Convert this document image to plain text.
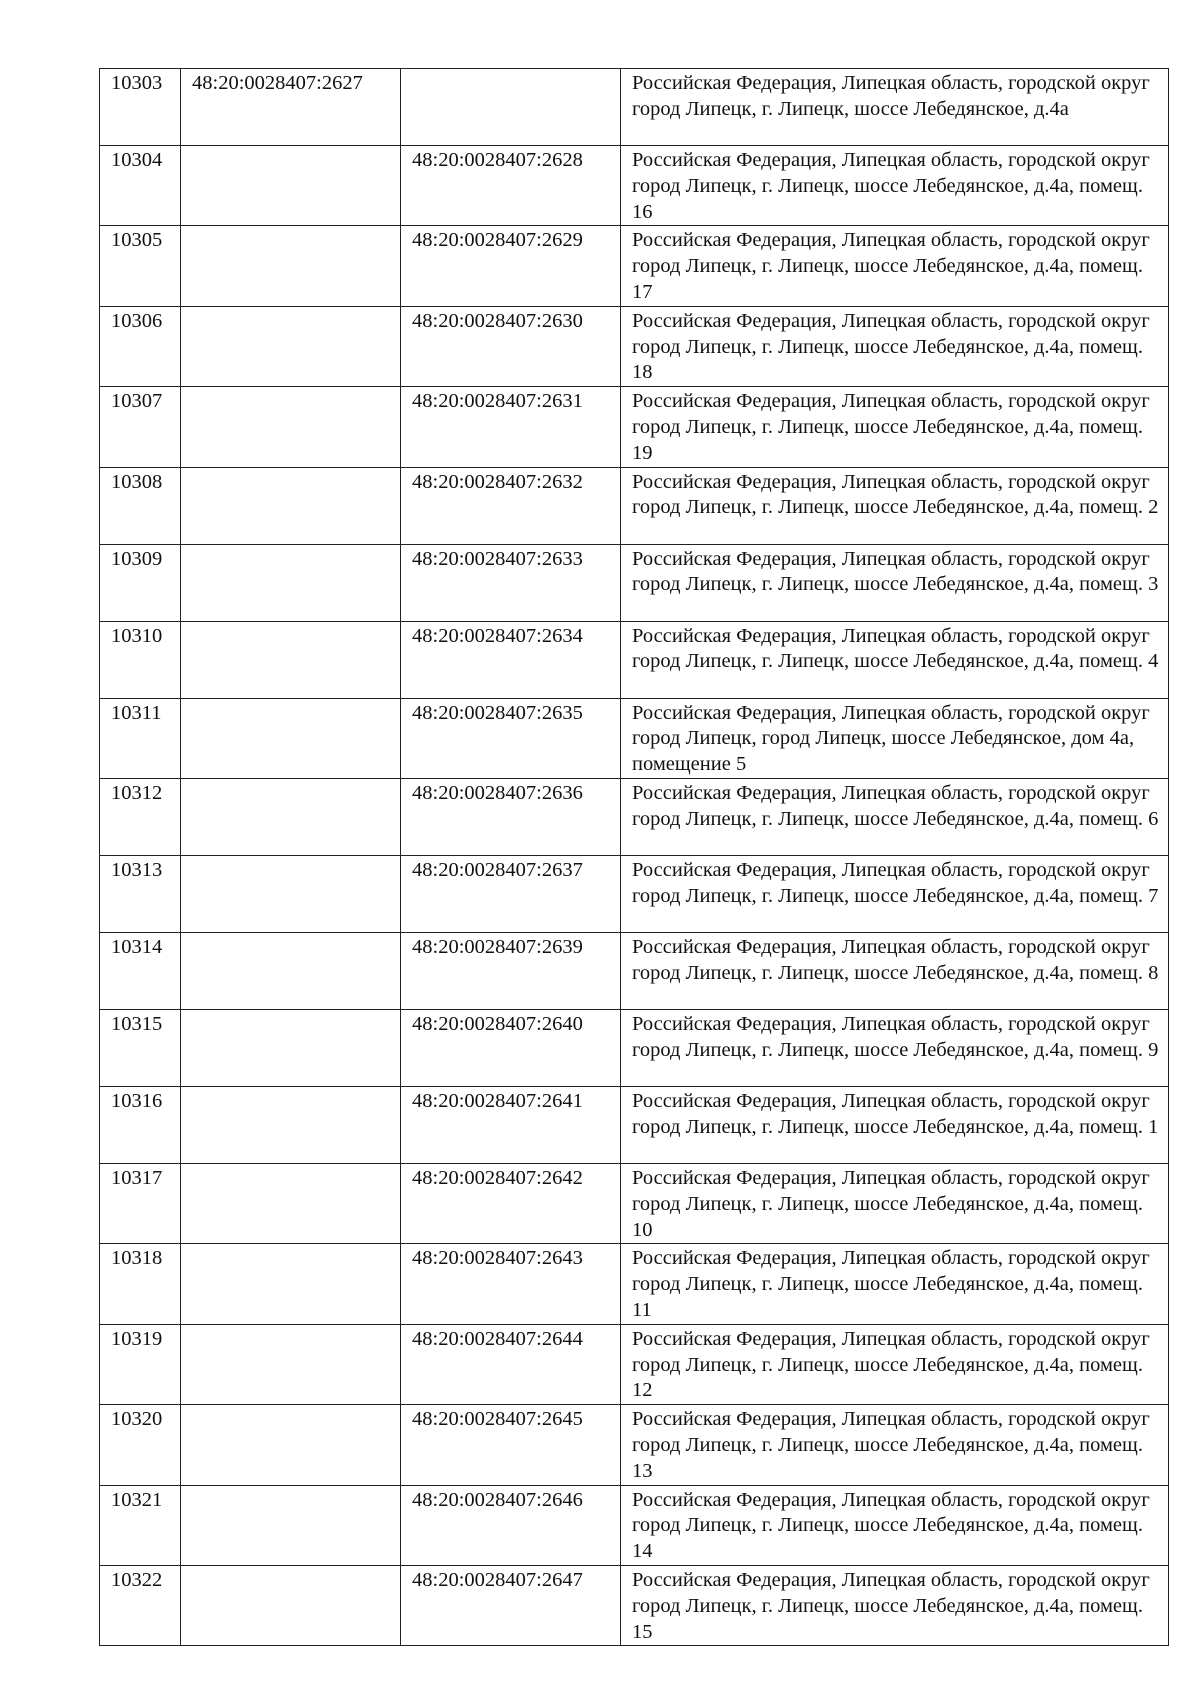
10303	48:20:0028407:2627		Российская Федерация, Липецкая область, городской округ город Липецк, г. Липецк, шоссе Лебедянское, д.4а
10304		48:20:0028407:2628	Российская Федерация, Липецкая область, городской округ город Липецк, г. Липецк, шоссе Лебедянское, д.4а, помещ. 16
10305		48:20:0028407:2629	Российская Федерация, Липецкая область, городской округ город Липецк, г. Липецк, шоссе Лебедянское, д.4а, помещ. 17
10306		48:20:0028407:2630	Российская Федерация, Липецкая область, городской округ город Липецк, г. Липецк, шоссе Лебедянское, д.4а, помещ. 18
10307		48:20:0028407:2631	Российская Федерация, Липецкая область, городской округ город Липецк, г. Липецк, шоссе Лебедянское, д.4а, помещ. 19
10308		48:20:0028407:2632	Российская Федерация, Липецкая область, городской округ город Липецк, г. Липецк, шоссе Лебедянское, д.4а, помещ. 2
10309		48:20:0028407:2633	Российская Федерация, Липецкая область, городской округ город Липецк, г. Липецк, шоссе Лебедянское, д.4а, помещ. 3
10310		48:20:0028407:2634	Российская Федерация, Липецкая область, городской округ город Липецк, г. Липецк, шоссе Лебедянское, д.4а, помещ. 4
10311		48:20:0028407:2635	Российская Федерация, Липецкая область, городской округ город Липецк, город Липецк, шоссе Лебедянское, дом 4а, помещение 5
10312		48:20:0028407:2636	Российская Федерация, Липецкая область, городской округ город Липецк, г. Липецк, шоссе Лебедянское, д.4а, помещ. 6
10313		48:20:0028407:2637	Российская Федерация, Липецкая область, городской округ город Липецк, г. Липецк, шоссе Лебедянское, д.4а, помещ. 7
10314		48:20:0028407:2639	Российская Федерация, Липецкая область, городской округ город Липецк, г. Липецк, шоссе Лебедянское, д.4а, помещ. 8
10315		48:20:0028407:2640	Российская Федерация, Липецкая область, городской округ город Липецк, г. Липецк, шоссе Лебедянское, д.4а, помещ. 9
10316		48:20:0028407:2641	Российская Федерация, Липецкая область, городской округ город Липецк, г. Липецк, шоссе Лебедянское, д.4а, помещ. 1
10317		48:20:0028407:2642	Российская Федерация, Липецкая область, городской округ город Липецк, г. Липецк, шоссе Лебедянское, д.4а, помещ. 10
10318		48:20:0028407:2643	Российская Федерация, Липецкая область, городской округ город Липецк, г. Липецк, шоссе Лебедянское, д.4а, помещ. 11
10319		48:20:0028407:2644	Российская Федерация, Липецкая область, городской округ город Липецк, г. Липецк, шоссе Лебедянское, д.4а, помещ. 12
10320		48:20:0028407:2645	Российская Федерация, Липецкая область, городской округ город Липецк, г. Липецк, шоссе Лебедянское, д.4а, помещ. 13
10321		48:20:0028407:2646	Российская Федерация, Липецкая область, городской округ город Липецк, г. Липецк, шоссе Лебедянское, д.4а, помещ. 14
10322		48:20:0028407:2647	Российская Федерация, Липецкая область, городской округ город Липецк, г. Липецк, шоссе Лебедянское, д.4а, помещ. 15
